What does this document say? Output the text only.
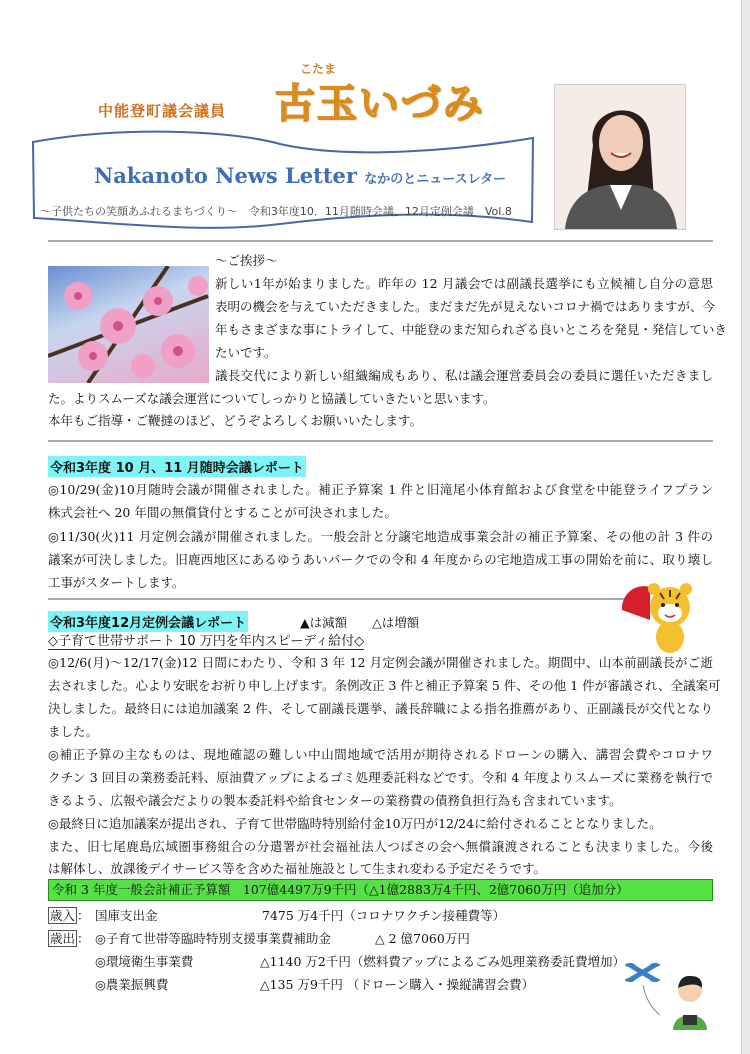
中能登町議会議員
こたま
古玉いづみ
Nakanoto News Letter なかのとニュースレター
～子供たちの笑顔あふれるまちづくり～　令和3年度10．11月随時会議、12月定例会議　Vol.8
～ご挨拶～
新しい1年が始まりました。昨年の 12 月議会では副議長選挙にも立候補し自分の意思
表明の機会を与えていただきました。まだまだ先が見えないコロナ禍ではありますが、今
年もさまざまな事にトライして、中能登のまだ知られざる良いところを発見・発信していき
たいです。
議長交代により新しい組織編成もあり、私は議会運営委員会の委員に選任いただきまし
た。よりスムーズな議会運営についてしっかりと協議していきたいと思います。
本年もご指導・ご鞭撻のほど、どうぞよろしくお願いいたします。
令和3年度 10 月、11 月随時会議レポート
◎10/29(金)10月随時会議が開催されました。補正予算案 1 件と旧滝尾小体育館および食堂を中能登ライフプラン
株式会社へ 20 年間の無償貸付とすることが可決されました。
◎11/30(火)11 月定例会議が開催されました。一般会計と分譲宅地造成事業会計の補正予算案、その他の計 3 件の
議案が可決しました。旧鹿西地区にあるゆうあいパークでの令和 4 年度からの宅地造成工事の開始を前に、取り壊し
工事がスタートします。
令和3年度12月定例会議レポート	▲は減額　　△は増額
◇子育て世帯サポート 10 万円を年内スピーディ給付◇
◎12/6(月)～12/17(金)12 日間にわたり、令和 3 年 12 月定例会議が開催されました。期間中、山本前副議長がご逝
去されました。心より安眠をお祈り申し上げます。条例改正 3 件と補正予算案 5 件、その他 1 件が審議され、全議案可
決しました。最終日には追加議案 2 件、そして副議長選挙、議長辞職による指名推薦があり、正副議長が交代となり
ました。
◎補正予算の主なものは、現地確認の難しい中山間地域で活用が期待されるドローンの購入、講習会費やコロナワ
クチン 3 回目の業務委託料、原油費アップによるゴミ処理委託料などです。令和 4 年度よりスムーズに業務を執行で
きるよう、広報や議会だよりの製本委託料や給食センターの業務費の債務負担行為も含まれています。
◎最終日に追加議案が提出され、子育て世帯臨時特別給付金10万円が12/24に給付されることとなりました。
また、旧七尾鹿島広域圏事務組合の分遣署が社会福祉法人つばさの会へ無償譲渡されることも決まりました。今後
は解体し、放課後デイサービス等を含めた福祉施設として生まれ変わる予定だそうです。
令和 3 年度一般会計補正予算額　107億4497万9千円（△1億2883万4千円、2億7060万円（追加分）
歳入 ： 国庫支出金	7475 万4千円（コロナワクチン接種費等）
歳出 ： ◎子育て世帯等臨時特別支援事業費補助金	△ 2 億7060万円
◎環境衛生事業費	△1140 万2千円（燃料費アップによるごみ処理業務委託費増加）
◎農業振興費	△135 万9千円 （ドローン購入・操縦講習会費）
